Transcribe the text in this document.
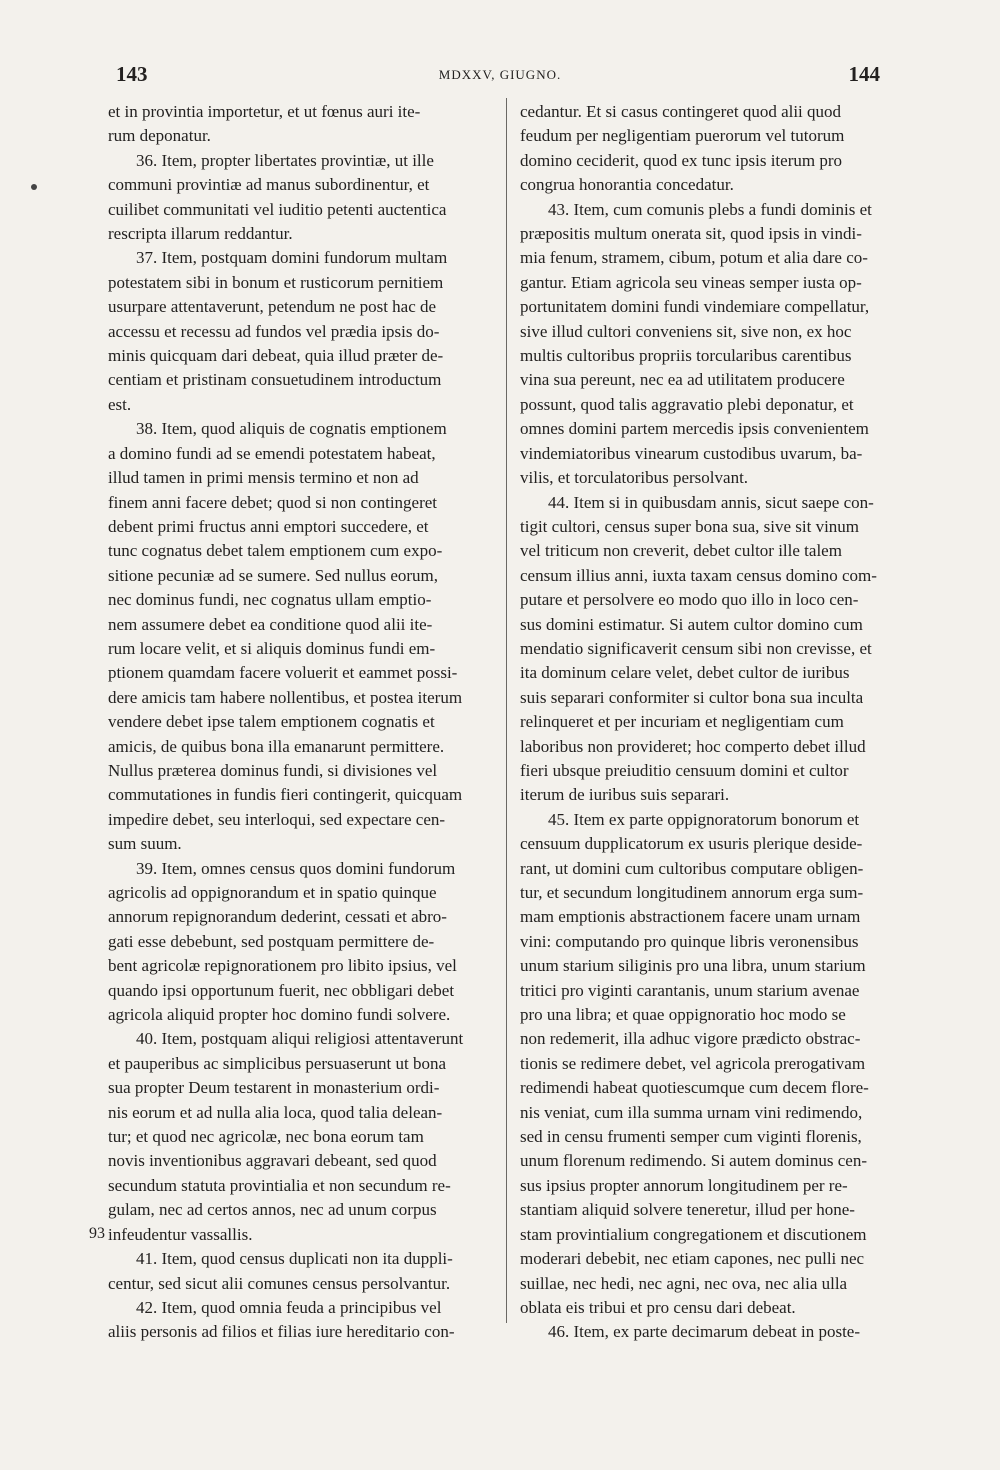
143	MDXXV, GIUGNO.	144
93

et in provintia importetur, et ut fœnus auri ite-
rum deponatur.

36. Item, propter libertates provintiæ, ut ille
communi provintiæ ad manus subordinentur, et
cuilibet communitati vel iuditio petenti auctentica
rescripta illarum reddantur.

37. Item, postquam domini fundorum multam
potestatem sibi in bonum et rusticorum pernitiem
usurpare attentaverunt, petendum ne post hac de
accessu et recessu ad fundos vel prædia ipsis do-
minis quicquam dari debeat, quia illud præter de-
centiam et pristinam consuetudinem introductum
est.

38. Item, quod aliquis de cognatis emptionem
a domino fundi ad se emendi potestatem habeat,
illud tamen in primi mensis termino et non ad
finem anni facere debet; quod si non contingeret
debent primi fructus anni emptori succedere, et
tunc cognatus debet talem emptionem cum expo-
sitione pecuniæ ad se sumere. Sed nullus eorum,
nec dominus fundi, nec cognatus ullam emptio-
nem assumere debet ea conditione quod alii ite-
rum locare velit, et si aliquis dominus fundi em-
ptionem quamdam facere voluerit et eammet possi-
dere amicis tam habere nollentibus, et postea iterum
vendere debet ipse talem emptionem cognatis et
amicis, de quibus bona illa emanarunt permittere.
Nullus præterea dominus fundi, si divisiones vel
commutationes in fundis fieri contingerit, quicquam
impedire debet, seu interloqui, sed expectare cen-
sum suum.

39. Item, omnes census quos domini fundorum
agricolis ad oppignorandum et in spatio quinque
annorum repignorandum dederint, cessati et abro-
gati esse debebunt, sed postquam permittere de-
bent agricolæ repignorationem pro libito ipsius, vel
quando ipsi opportunum fuerit, nec obbligari debet
agricola aliquid propter hoc domino fundi solvere.

40. Item, postquam aliqui religiosi attentaverunt
et pauperibus ac simplicibus persuaserunt ut bona
sua propter Deum testarent in monasterium ordi-
nis eorum et ad nulla alia loca, quod talia delean-
tur; et quod nec agricolæ, nec bona eorum tam
novis inventionibus aggravari debeant, sed quod
secundum statuta provintialia et non secundum re-
gulam, nec ad certos annos, nec ad unum corpus
infeudentur vassallis.

41. Item, quod census duplicati non ita duppli-
centur, sed sicut alii comunes census persolvantur.

42. Item, quod omnia feuda a principibus vel
aliis personis ad filios et filias iure hereditario con-

cedantur. Et si casus contingeret quod alii quod
feudum per negligentiam puerorum vel tutorum
domino ceciderit, quod ex tunc ipsis iterum pro
congrua honorantia concedatur.

43. Item, cum comunis plebs a fundi dominis et
præpositis multum onerata sit, quod ipsis in vindi-
mia fenum, stramem, cibum, potum et alia dare co-
gantur. Etiam agricola seu vineas semper iusta op-
portunitatem domini fundi vindemiare compellatur,
sive illud cultori conveniens sit, sive non, ex hoc
multis cultoribus propriis torcularibus carentibus
vina sua pereunt, nec ea ad utilitatem producere
possunt, quod talis aggravatio plebi deponatur, et
omnes domini partem mercedis ipsis convenientem
vindemiatoribus vinearum custodibus uvarum, ba-
vilis, et torculatoribus persolvant.

44. Item si in quibusdam annis, sicut saepe con-
tigit cultori, census super bona sua, sive sit vinum
vel triticum non creverit, debet cultor ille talem
censum illius anni, iuxta taxam census domino com-
putare et persolvere eo modo quo illo in loco cen-
sus domini estimatur. Si autem cultor domino cum
mendatio significaverit censum sibi non crevisse, et
ita dominum celare velet, debet cultor de iuribus
suis separari conformiter si cultor bona sua inculta
relinqueret et per incuriam et negligentiam cum
laboribus non provideret; hoc comperto debet illud
fieri ubsque preiuditio censuum domini et cultor
iterum de iuribus suis separari.

45. Item ex parte oppignoratorum bonorum et
censuum dupplicatorum ex usuris plerique deside-
rant, ut domini cum cultoribus computare obligen-
tur, et secundum longitudinem annorum erga sum-
mam emptionis abstractionem facere unam urnam
vini: computando pro quinque libris veronensibus
unum starium siliginis pro una libra, unum starium
tritici pro viginti carantanis, unum starium avenae
pro una libra; et quae oppignoratio hoc modo se
non redemerit, illa adhuc vigore prædicto obstrac-
tionis se redimere debet, vel agricola prerogativam
redimendi habeat quotiescumque cum decem flore-
nis veniat, cum illa summa urnam vini redimendo,
sed in censu frumenti semper cum viginti florenis,
unum florenum redimendo. Si autem dominus cen-
sus ipsius propter annorum longitudinem per re-
stantiam aliquid solvere teneretur, illud per hone-
stam provintialium congregationem et discutionem
moderari debebit, nec etiam capones, nec pulli nec
suillae, nec hedi, nec agni, nec ova, nec alia ulla
oblata eis tribui et pro censu dari debeat.

46. Item, ex parte decimarum debeat in poste-
